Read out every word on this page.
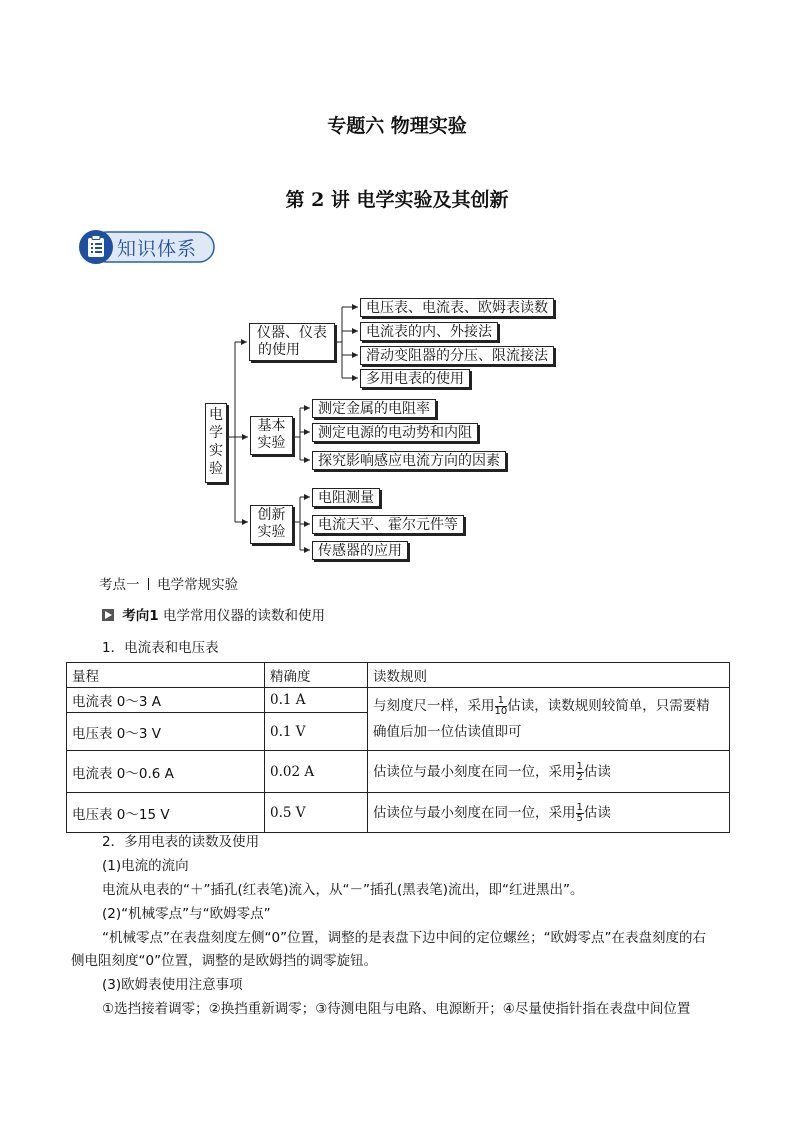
专题六 物理实验
第 2 讲 电学实验及其创新
知识体系
电
学
实
验
仪器、仪表
的使用
基本
实验
创新
实验
电压表、电流表、欧姆表读数
电流表的内、外接法
滑动变阻器的分压、限流接法
多用电表的使用
测定金属的电阻率
测定电源的电动势和内阻
探究影响感应电流方向的因素
电阻测量
电流天平、霍尔元件等
传感器的应用
考点一 电学常规实验
考向1 电学常用仪器的读数和使用
1．电流表和电压表
量程	精确度	读数规则
电流表 0～3 A	0.1 A	与刻度尺一样，采用 $\frac{1}{10}$ 估读，读数规则较简单，只需要精
确值后加一位估读值即可
电压表 0～3 V	0.1 V	
电流表 0～0.6 A	0.02 A	估读位与最小刻度在同一位，采用 $\frac{1}{2}$ 估读
电压表 0～15 V	0.5 V	估读位与最小刻度在同一位，采用 $\frac{1}{5}$ 估读
2．多用电表的读数及使用
(1)电流的流向
电流从电表的“＋”插孔(红表笔)流入，从“－”插孔(黑表笔)流出，即“红进黑出”。
(2)“机械零点”与“欧姆零点”
“机械零点”在表盘刻度左侧“0”位置，调整的是表盘下边中间的定位螺丝；“欧姆零点”在表盘刻度的右
侧电阻刻度“0”位置，调整的是欧姆挡的调零旋钮。
(3)欧姆表使用注意事项
①选挡接着调零；②换挡重新调零；③待测电阻与电路、电源断开；④尽量使指针指在表盘中间位置
